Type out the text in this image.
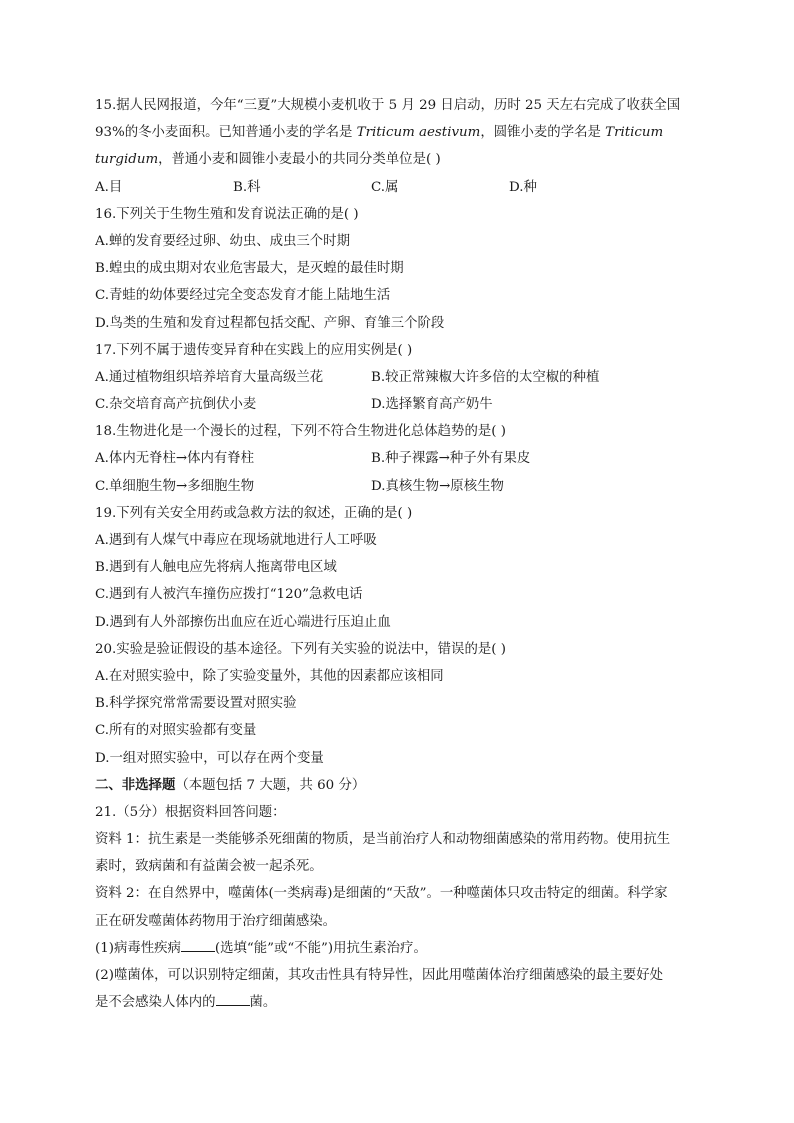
15.据人民网报道，今年“三夏”大规模小麦机收于 5 月 29 日启动，历时 25 天左右完成了收获全国
93%的冬小麦面积。已知普通小麦的学名是 Triticum aestivum，圆锥小麦的学名是 Triticum
turgidum，普通小麦和圆锥小麦最小的共同分类单位是( )
A.目	B.科	C.属	D.种
16.下列关于生物生殖和发育说法正确的是( )
A.蝉的发育要经过卵、幼虫、成虫三个时期
B.蝗虫的成虫期对农业危害最大，是灭蝗的最佳时期
C.青蛙的幼体要经过完全变态发育才能上陆地生活
D.鸟类的生殖和发育过程都包括交配、产卵、育雏三个阶段
17.下列不属于遗传变异育种在实践上的应用实例是( )
A.通过植物组织培养培育大量高级兰花	B.较正常辣椒大许多倍的太空椒的种植
C.杂交培育高产抗倒伏小麦	D.选择繁育高产奶牛
18.生物进化是一个漫长的过程，下列不符合生物进化总体趋势的是( )
A.体内无脊柱→体内有脊柱	B.种子裸露→种子外有果皮
C.单细胞生物→多细胞生物	D.真核生物→原核生物
19.下列有关安全用药或急救方法的叙述，正确的是( )
A.遇到有人煤气中毒应在现场就地进行人工呼吸
B.遇到有人触电应先将病人拖离带电区域
C.遇到有人被汽车撞伤应拨打“120”急救电话
D.遇到有人外部擦伤出血应在近心端进行压迫止血
20.实验是验证假设的基本途径。下列有关实验的说法中，错误的是( )
A.在对照实验中，除了实验变量外，其他的因素都应该相同
B.科学探究常常需要设置对照实验
C.所有的对照实验都有变量
D.一组对照实验中，可以存在两个变量
二、非选择题（本题包括 7 大题，共 60 分）
21.（5分）根据资料回答问题：
资料 1：抗生素是一类能够杀死细菌的物质，是当前治疗人和动物细菌感染的常用药物。使用抗生
素时，致病菌和有益菌会被一起杀死。
资料 2：在自然界中，噬菌体(一类病毒)是细菌的“天敌”。一种噬菌体只攻击特定的细菌。科学家
正在研发噬菌体药物用于治疗细菌感染。
(1)病毒性疾病	(选填“能”或“不能”)用抗生素治疗。
(2)噬菌体，可以识别特定细菌，其攻击性具有特异性，因此用噬菌体治疗细菌感染的最主要好处
是不会感染人体内的	菌。
